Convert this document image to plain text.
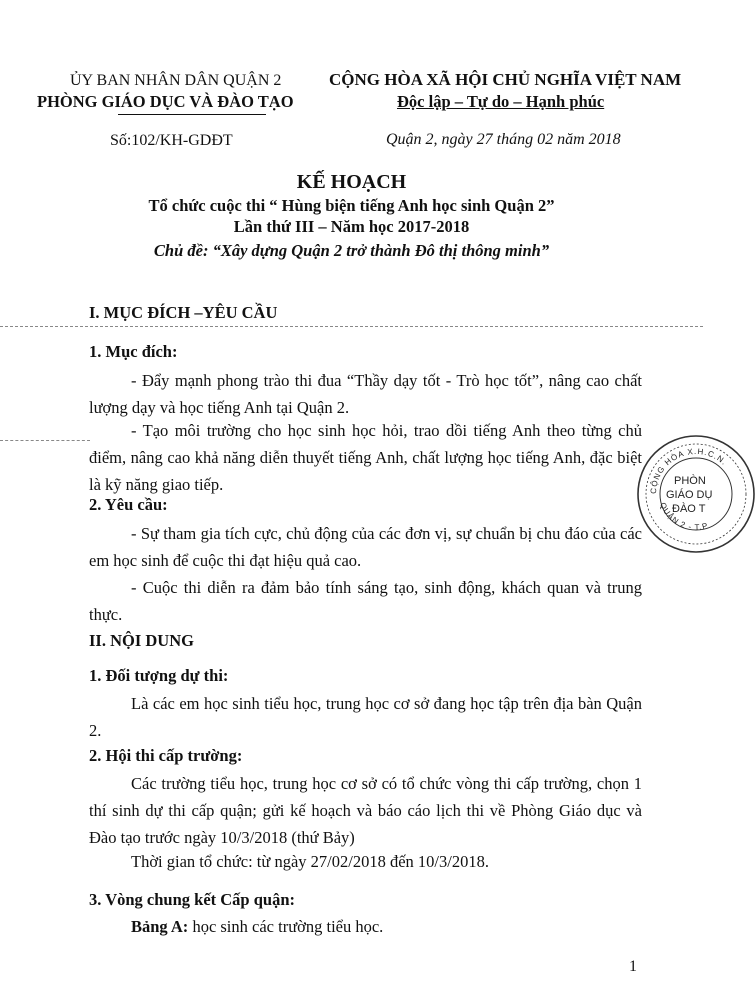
ỦY BAN NHÂN DÂN QUẬN 2
PHÒNG GIÁO DỤC VÀ ĐÀO TẠO
Số:102/KH-GDĐT
CỘNG HÒA XÃ HỘI CHỦ NGHĨA VIỆT NAM
Độc lập – Tự do – Hạnh phúc
Quận 2, ngày 27 tháng 02 năm 2018
KẾ HOẠCH
Tổ chức cuộc thi “ Hùng biện tiếng Anh học sinh Quận 2”
Lần thứ III – Năm học 2017-2018
Chủ đề: “Xây dựng Quận 2 trở thành Đô thị thông minh”
I. MỤC ĐÍCH –YÊU CẦU
1. Mục đích:
- Đẩy mạnh phong trào thi đua “Thầy dạy tốt - Trò học tốt”, nâng cao chất lượng dạy và học tiếng Anh tại Quận 2.
- Tạo môi trường cho học sinh học hỏi, trao dồi tiếng Anh theo từng chủ điểm, nâng cao khả năng diễn thuyết tiếng Anh, chất lượng học tiếng Anh, đặc biệt là kỹ năng giao tiếp.
2. Yêu cầu:
- Sự tham gia tích cực, chủ động của các đơn vị, sự chuẩn bị chu đáo của các em học sinh để cuộc thi đạt hiệu quả cao.
- Cuộc thi diễn ra đảm bảo tính sáng tạo, sinh động, khách quan và trung thực.
II. NỘI DUNG
1. Đối tượng dự thi:
Là các em học sinh tiểu học, trung học cơ sở đang học tập trên địa bàn Quận 2.
2. Hội thi cấp trường:
Các trường tiểu học, trung học cơ sở có tổ chức vòng thi cấp trường, chọn 1 thí sinh dự thi cấp quận; gửi kế hoạch và báo cáo lịch thi về Phòng Giáo dục và Đào tạo trước ngày 10/3/2018 (thứ Bảy)
Thời gian tổ chức: từ ngày 27/02/2018 đến 10/3/2018.
3. Vòng chung kết Cấp quận:
Bảng A: học sinh các trường tiểu học.
1
CỘNG HÒA X.H.C.N.
QUẬN 2 - T.P
PHÒN
GIÁO DỤ
ĐÀO T
